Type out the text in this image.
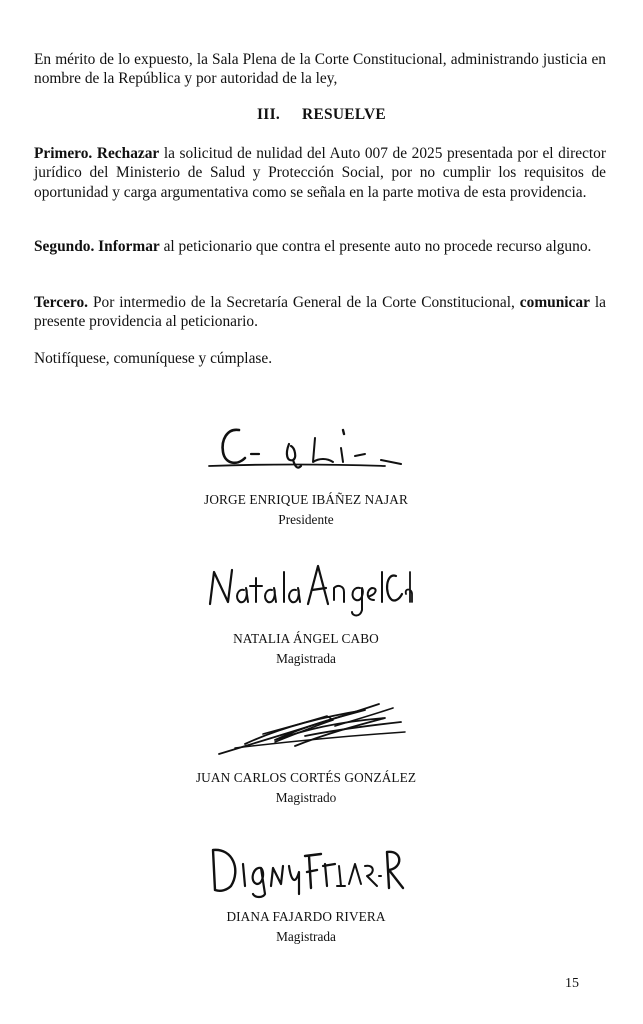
En mérito de lo expuesto, la Sala Plena de la Corte Constitucional, administrando justicia en nombre de la República y por autoridad de la ley,
III. RESUELVE
Primero. Rechazar la solicitud de nulidad del Auto 007 de 2025 presentada por el director jurídico del Ministerio de Salud y Protección Social, por no cumplir los requisitos de oportunidad y carga argumentativa como se señala en la parte motiva de esta providencia.
Segundo. Informar al peticionario que contra el presente auto no procede recurso alguno.
Tercero. Por intermedio de la Secretaría General de la Corte Constitucional, comunicar la presente providencia al peticionario.
Notifíquese, comuníquese y cúmplase.
JORGE ENRIQUE IBÁÑEZ NAJAR
Presidente
NATALIA ÁNGEL CABO
Magistrada
JUAN CARLOS CORTÉS GONZÁLEZ
Magistrado
DIANA FAJARDO RIVERA
Magistrada
15
